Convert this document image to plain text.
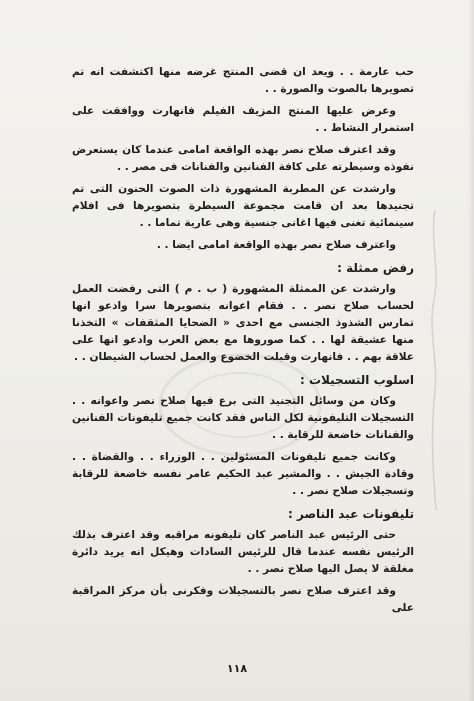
حب عارمة . . ويعد ان قضى المنتج غرضه منها اكتشفت انه تم تصويرها بالصوت والصورة . .

وعرض عليها المنتج المزيف الفيلم فانهارت ووافقت على استمرار النشاط . .

وقد اعترف صلاح نصر بهذه الواقعة امامى عندما كان يستعرض نفوذه وسيطرته على كافة الفنانين والفنانات فى مصر . .

وارشدت عن المطربة المشهورة ذات الصوت الحنون التى تم تجنيدها بعد ان قامت مجموعة السيطرة بتصويرها فى افلام سينمائية تغنى فيها اغانى جنسية وهى عارية تماما . .

واعترف صلاح نصر بهذه الواقعة امامى ايضا . .

رفض ممثلة :

وارشدت عن الممثلة المشهورة ( ب . م ) التى رفضت العمل لحساب صلاح نصر . . فقام اعوانه بتصويرها سرا وادعو انها تمارس الشذوذ الجنسى مع احدى « الضحايا المثقفات » التخذنا منها عشيقة لها . . كما صوروها مع بعض العرب وادعو انها على علاقة بهم . . فانهارت وقبلت الخضوع والعمل لحساب الشيطان . .

اسلوب التسجيلات :

وكان من وسائل التجنيد التى برع فيها صلاح نصر واعوانه . . التسجيلات التليفونية لكل الناس فقد كانت جميع تليفونات الفنانين والفنانات خاضعة للرقابة . .

وكانت جميع تليفونات المسئولين . . الوزراء . . والقضاة . . وقادة الجيش . . والمشير عبد الحكيم عامر نفسه خاضعة للرقابة وتسجيلات صلاح نصر . .

تليفونات عبد الناصر :

حتى الرئيس عبد الناصر كان تليفونه مراقبه وقد اعترف بذلك الرئيس نفسه عندما قال للرئيس السادات وهيكل انه يريد دائرة مغلقة لا يصل اليها صلاح نصر . .

وقد اعترف صلاح نصر بالتسجيلات وفكرنى بأن مركز المراقبة على

١١٨
